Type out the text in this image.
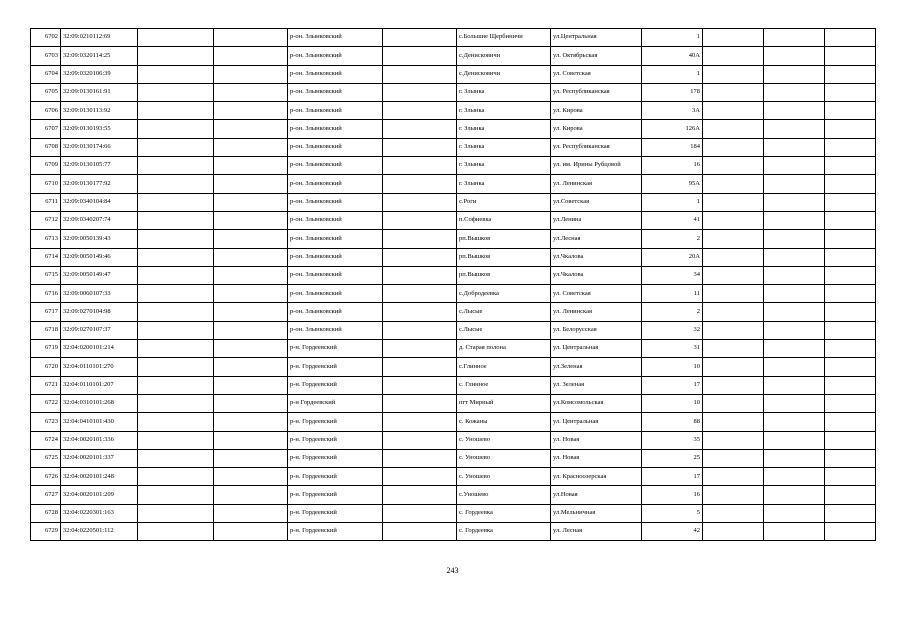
6702	32:09:0210112:69			р-он. Злынковский		с.Большие Щербиничи	ул.Центральная	1			
6703	32:09:0320114:25			р-он. Злынковский		с.Денисковичи	ул. Октябрьская	40А			
6704	32:09:0320106:39			р-он. Злынковский		с.Денисковичи	ул. Советская	1			
6705	32:09:0130161:91			р-он. Злынковский		г. Злынка	ул. Республиканская	178			
6706	32:09:0130113:92			р-он. Злынковский		г. Злынка	ул. Кирова	3А			
6707	32:09:0130193:55			р-он. Злынковский		г. Злынка	ул. Кирова	126А			
6708	32:09:0130174:66			р-он. Злынковский		г. Злынка	ул. Республиканская	184			
6709	32:09:0130105:77			р-он. Злынковский		г. Злынка	ул. им. Ирины Рубцовой	16			
6710	32:09:0130177:92			р-он. Злынковский		г. Злынка	ул. Ленинская	95А			
6711	32:09:0340104:84			р-он. Злынковский		с.Роги	ул.Советская	1			
6712	32:09:0340207:74			р-он. Злынковский		п.Софиевка	ул.Ленина	41			
6713	32:09:0050139:43			р-он. Злынковский		рп.Вышков	ул.Лесная	2			
6714	32:09:0050149:46			р-он. Злынковский		рп.Вышков	ул.Чкалова	20А			
6715	32:09:0050149:47			р-он. Злынковский		рп.Вышков	ул.Чкалова	34			
6716	32:09:0060107:33			р-он. Злынковский		с.Добродеевка	ул. Советская	11			
6717	32:09:0270104:98			р-он. Злынковский		с.Лысые	ул. Ленинская	2			
6718	32:09:0270107:37			р-он. Злынковский		с.Лысые	ул. Белорусская	32			
6719	32:04:0200101:214			р-н. Гордеевский		д. Старая полона	ул. Центральная	31			
6720	32:04:0110101:270			р-н. Гордеевский		с.Глинное	ул.Зеленая	10			
6721	32:04:0110101:207			р-н. Гордеевский		с. Глинное	ул. Зеленая	17			
6722	32:04:0310101:268			р-н Гордеевский		пгт Мирный	ул.Комсомольская	10			
6723	32:04:0410101:430			р-н. Гордеевский		с. Кожаны	ул. Центральная	88			
6724	32:04:0020101:336			р-н. Гордеевский		с. Уношево	ул. Новая	35			
6725	32:04:0020101:337			р-н. Гордеевский		с. Уношево	ул. Новая	25			
6726	32:04:0020101:248			р-н. Гордеевский		с. Уношево	ул. Красноозерская	17			
6727	32:04:0020101:209			р-н. Гордеевский		с.Уношево	ул.Новая	16			
6728	32:04:0220301:163			р-н. Гордеевский		с. Гордеевка	ул.Мельничная	5			
6729	32:04:0220501:112			р-н. Гордеевский		с. Гордеевка	ул. Лесная	42			
243
